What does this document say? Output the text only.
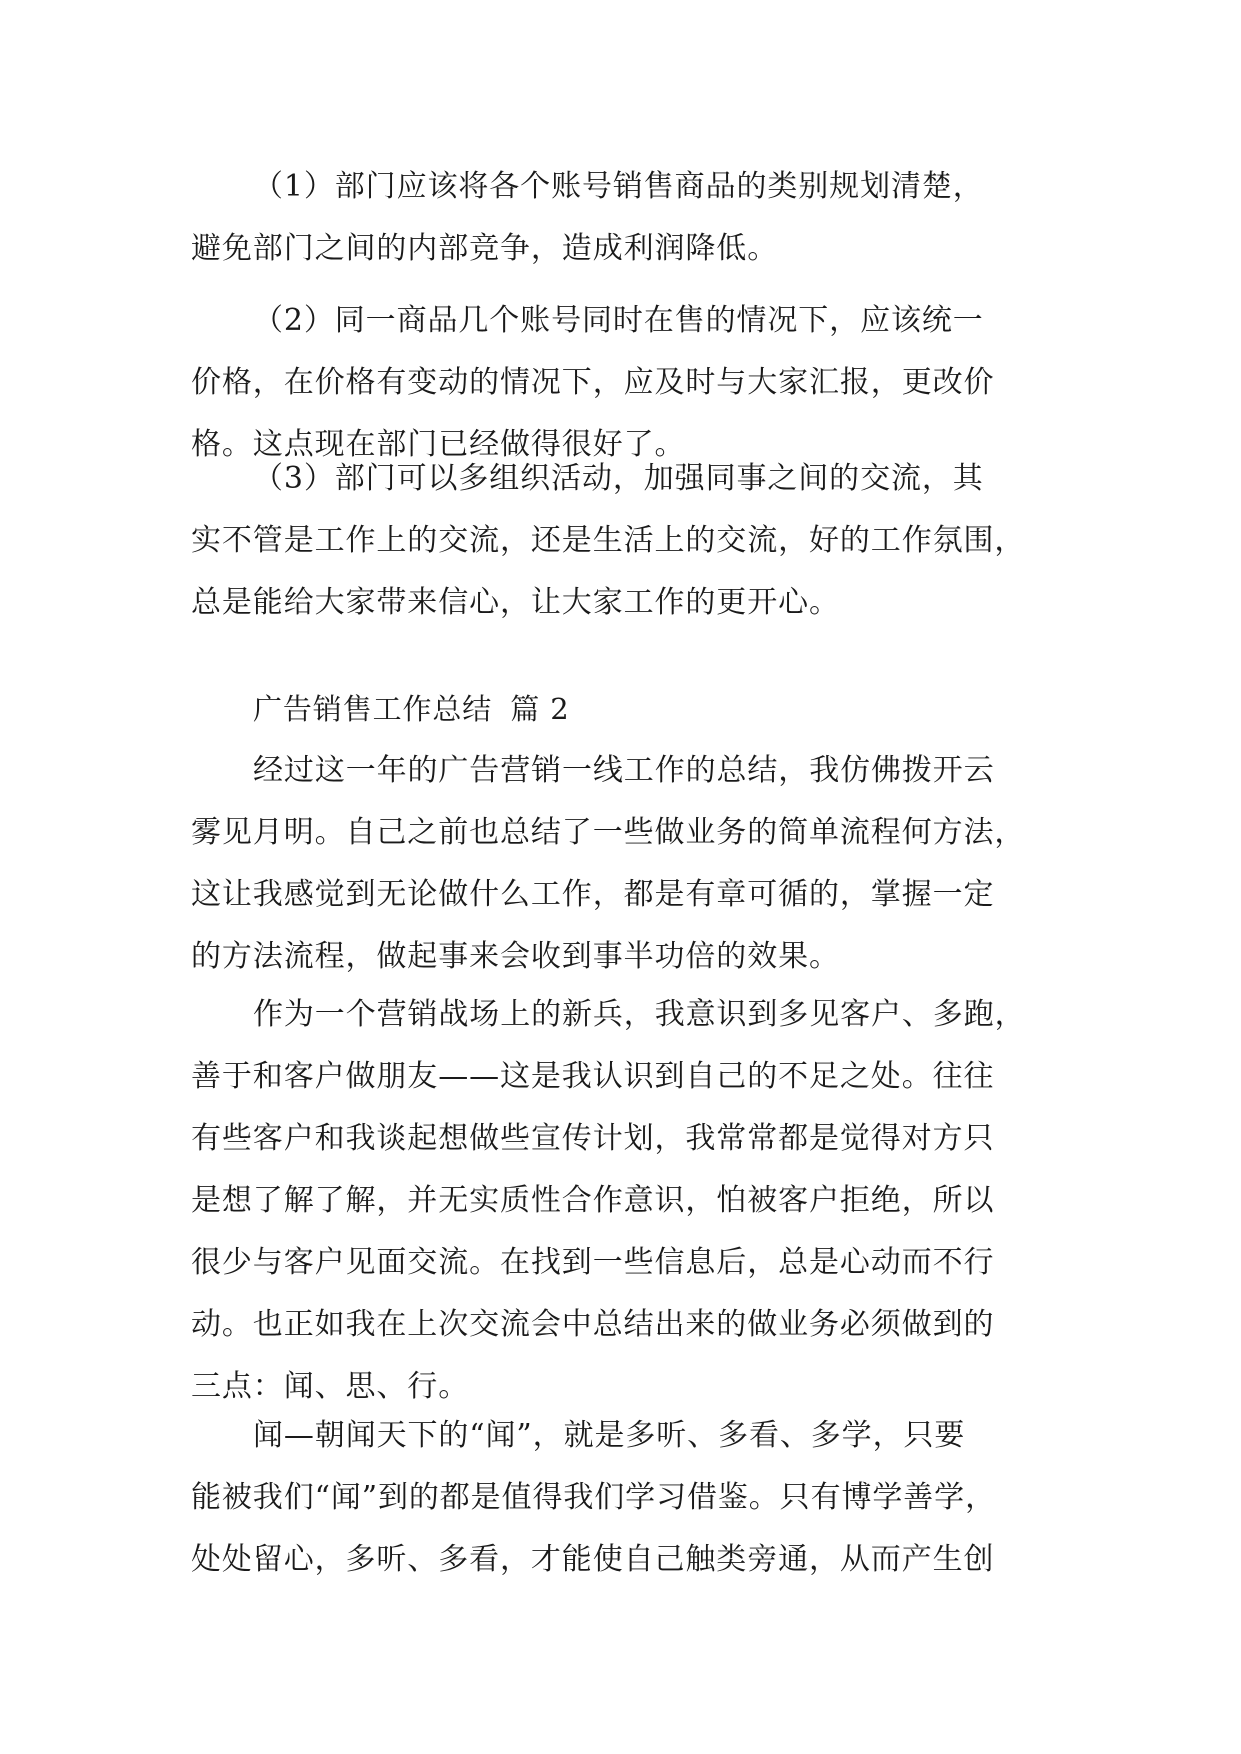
（1）部门应该将各个账号销售商品的类别规划清楚，
避免部门之间的内部竞争，造成利润降低。
（2）同一商品几个账号同时在售的情况下，应该统一
价格，在价格有变动的情况下，应及时与大家汇报，更改价
格。这点现在部门已经做得很好了。
（3）部门可以多组织活动，加强同事之间的交流，其
实不管是工作上的交流，还是生活上的交流，好的工作氛围，
总是能给大家带来信心，让大家工作的更开心。
广告销售工作总结 篇 2
经过这一年的广告营销一线工作的总结，我仿佛拨开云
雾见月明。自己之前也总结了一些做业务的简单流程何方法，
这让我感觉到无论做什么工作，都是有章可循的，掌握一定
的方法流程，做起事来会收到事半功倍的效果。
作为一个营销战场上的新兵，我意识到多见客户、多跑，
善于和客户做朋友——这是我认识到自己的不足之处。往往
有些客户和我谈起想做些宣传计划，我常常都是觉得对方只
是想了解了解，并无实质性合作意识，怕被客户拒绝，所以
很少与客户见面交流。在找到一些信息后，总是心动而不行
动。也正如我在上次交流会中总结出来的做业务必须做到的
三点：闻、思、行。
闻—朝闻天下的“闻”，就是多听、多看、多学，只要
能被我们“闻”到的都是值得我们学习借鉴。只有博学善学，
处处留心，多听、多看，才能使自己触类旁通，从而产生创
